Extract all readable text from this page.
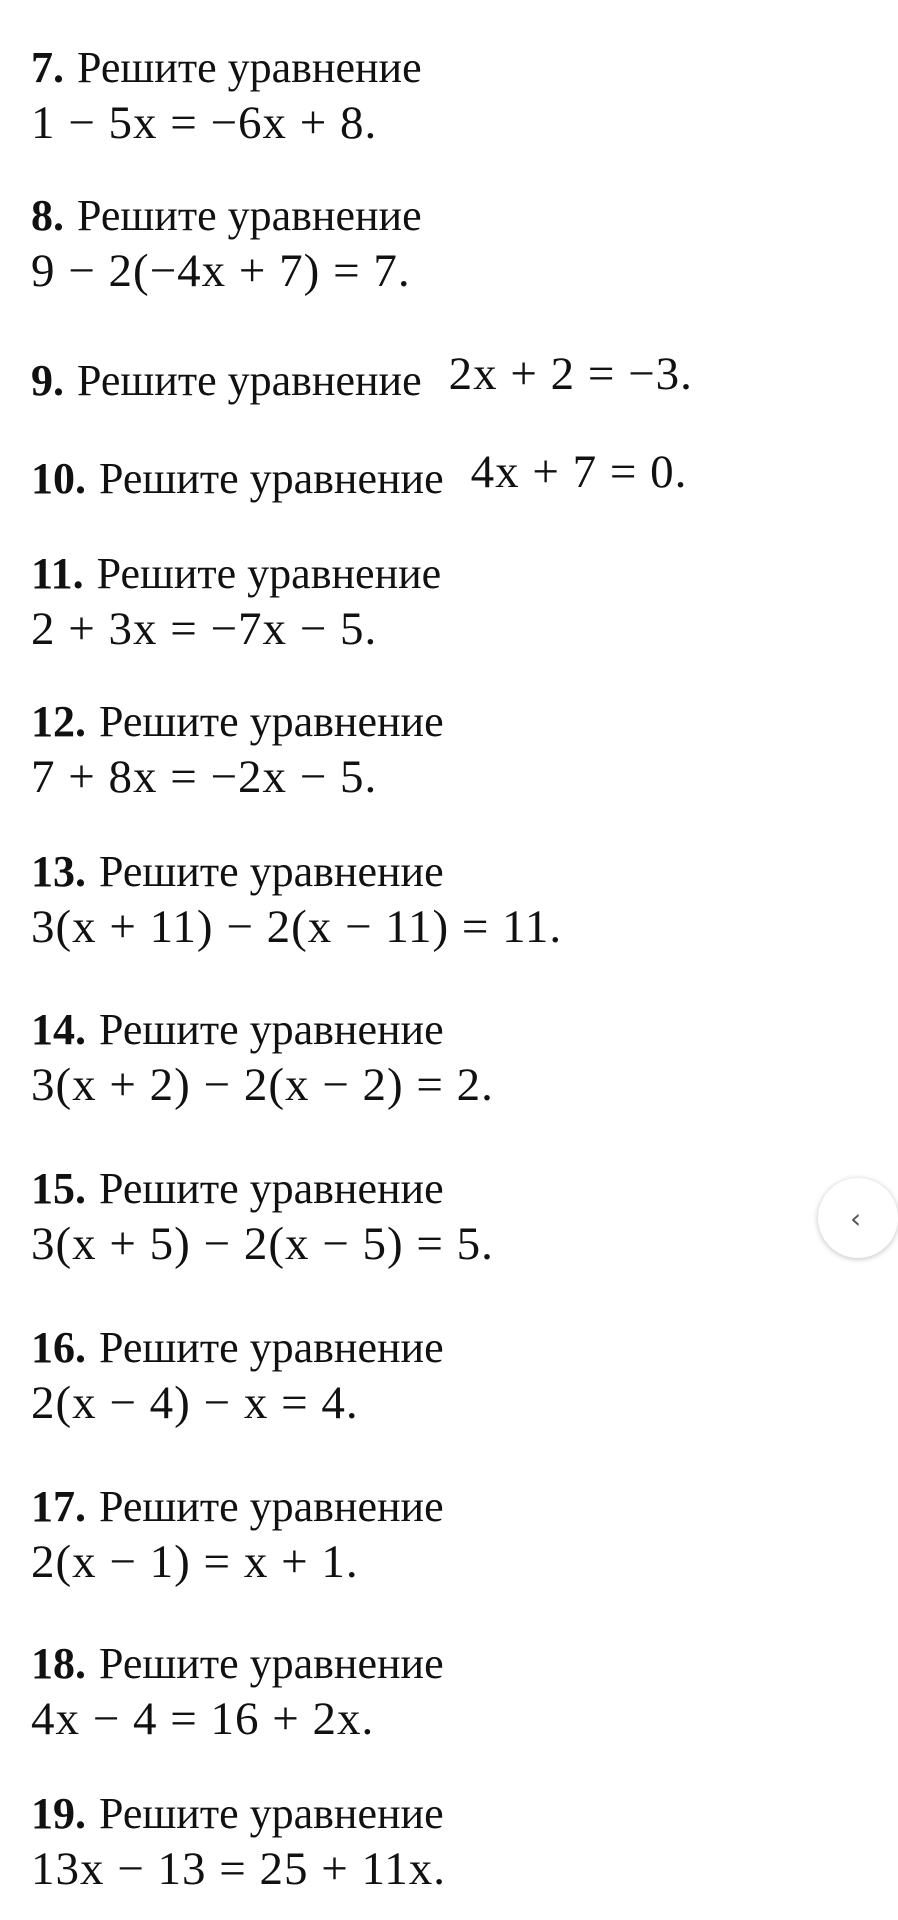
7. Решите уравнение
1 − 5x = −6x + 8.
8. Решите уравнение
9 − 2(−4x + 7) = 7.
9. Решите уравнение 2x + 2 = −3.
10. Решите уравнение 4x + 7 = 0.
11. Решите уравнение
2 + 3x = −7x − 5.
12. Решите уравнение
7 + 8x = −2x − 5.
13. Решите уравнение
3(x + 11) − 2(x − 11) = 11.
14. Решите уравнение
3(x + 2) − 2(x − 2) = 2.
15. Решите уравнение
3(x + 5) − 2(x − 5) = 5.
16. Решите уравнение
2(x − 4) − x = 4.
17. Решите уравнение
2(x − 1) = x + 1.
18. Решите уравнение
4x − 4 = 16 + 2x.
19. Решите уравнение
13x − 13 = 25 + 11x.
‹
